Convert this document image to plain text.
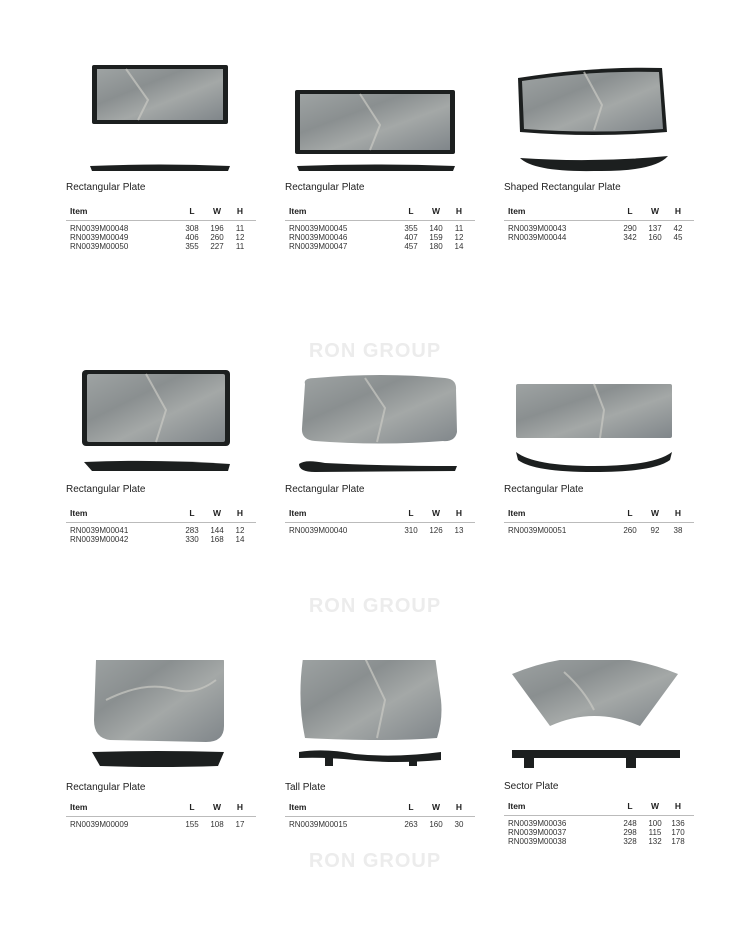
RON GROUP
RON GROUP
RON GROUP
Rectangular Plate
Item	L	W	H
RN0039M00048	308	196	11
RN0039M00049	406	260	12
RN0039M00050	355	227	11
Rectangular Plate
Item	L	W	H
RN0039M00045	355	140	11
RN0039M00046	407	159	12
RN0039M00047	457	180	14
Shaped Rectangular Plate
Item	L	W	H
RN0039M00043	290	137	42
RN0039M00044	342	160	45
Rectangular Plate
Item	L	W	H
RN0039M00041	283	144	12
RN0039M00042	330	168	14
Rectangular Plate
Item	L	W	H
RN0039M00040	310	126	13
Rectangular Plate
Item	L	W	H
RN0039M00051	260	92	38
Rectangular Plate
Item	L	W	H
RN0039M00009	155	108	17
Tall Plate
Item	L	W	H
RN0039M00015	263	160	30
Sector Plate
Item	L	W	H
RN0039M00036	248	100	136
RN0039M00037	298	115	170
RN0039M00038	328	132	178
